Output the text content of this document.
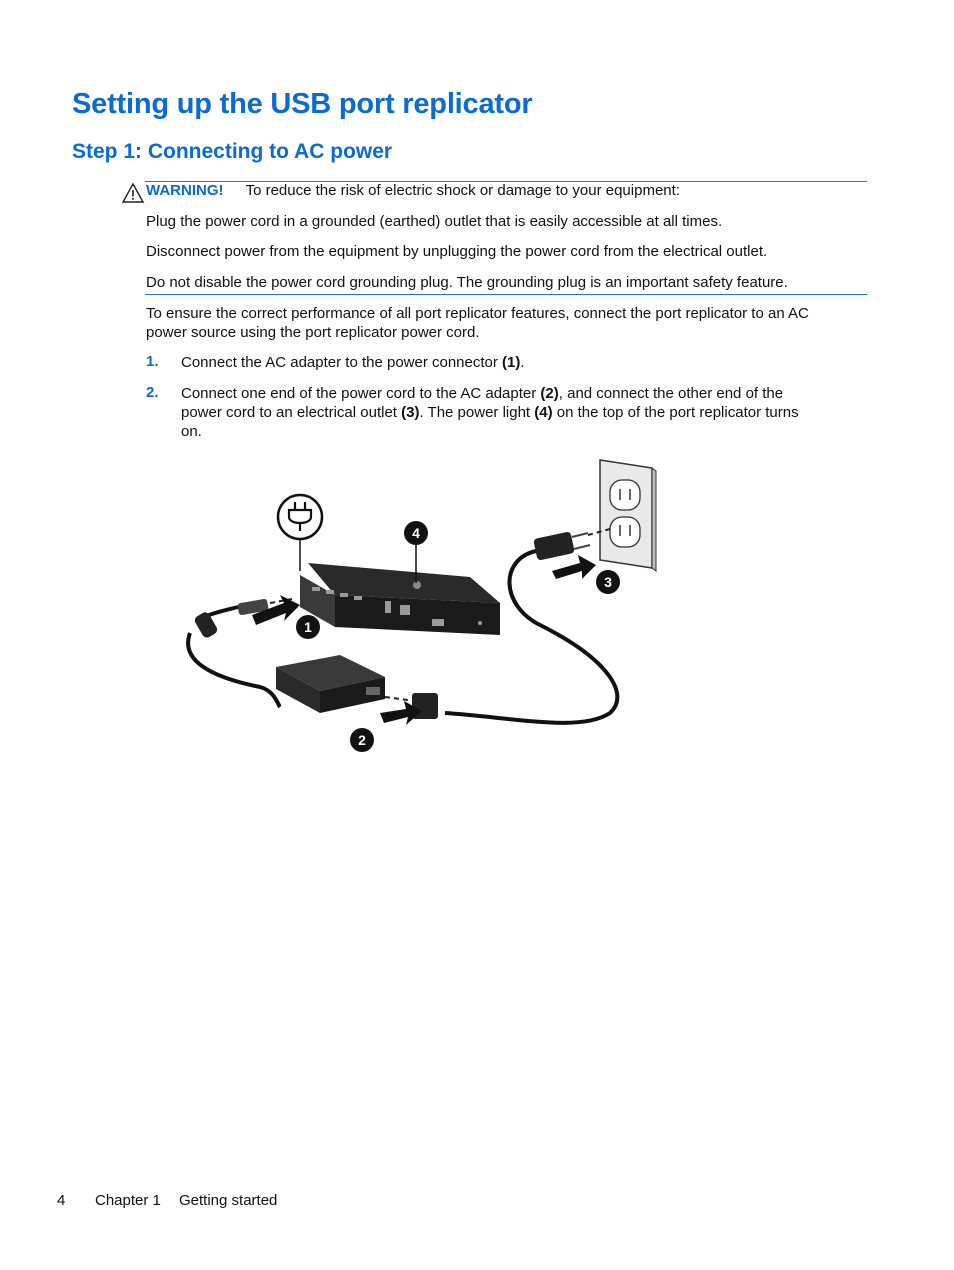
Setting up the USB port replicator
Step 1: Connecting to AC power

WARNING! To reduce the risk of electric shock or damage to your equipment:

Plug the power cord in a grounded (earthed) outlet that is easily accessible at all times.

Disconnect power from the equipment by unplugging the power cord from the electrical outlet.

Do not disable the power cord grounding plug. The grounding plug is an important safety feature.

To ensure the correct performance of all port replicator features, connect the port replicator to an AC

power source using the port replicator power cord.

1. Connect the AC adapter to the power connector (1).

2. Connect one end of the power cord to the AC adapter (2), and connect the other end of the

power cord to an electrical outlet (3). The power light (4) on the top of the port replicator turns

on.

1
2
3
4
4 Chapter 1 Getting started
